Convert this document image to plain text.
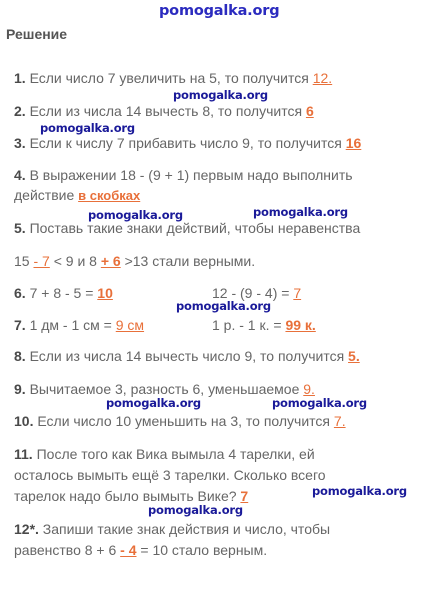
pomogalka.org
pomogalka.org
pomogalka.org
pomogalka.org	pomogalka.org
pomogalka.org
pomogalka.org	pomogalka.org
pomogalka.org
pomogalka.org
Решение
1. Если число 7 увеличить на 5, то получится 12.
2. Если из числа 14 вычесть 8, то получится 6
3. Если к числу 7 прибавить число 9, то получится 16
4. В выражении 18 - (9 + 1) первым надо выполнить
действие в скобках
5. Поставь такие знаки действий, чтобы неравенства
15 - 7 < 9 и 8 + 6 >13 стали верными.
6. 7 + 8 - 5 = 10	12 - (9 - 4) = 7
7. 1 дм - 1 см = 9 см	1 р. - 1 к. = 99 к.
8. Если из числа 14 вычесть число 9, то получится 5.
9. Вычитаемое 3, разность 6, уменьшаемое 9.
10. Если число 10 уменьшить на 3, то получится 7.
11. После того как Вика вымыла 4 тарелки, ей
осталось вымыть ещё 3 тарелки. Сколько всего
тарелок надо было вымыть Вике? 7
12*. Запиши такие знак действия и число, чтобы
равенство 8 + 6 - 4 = 10 стало верным.
